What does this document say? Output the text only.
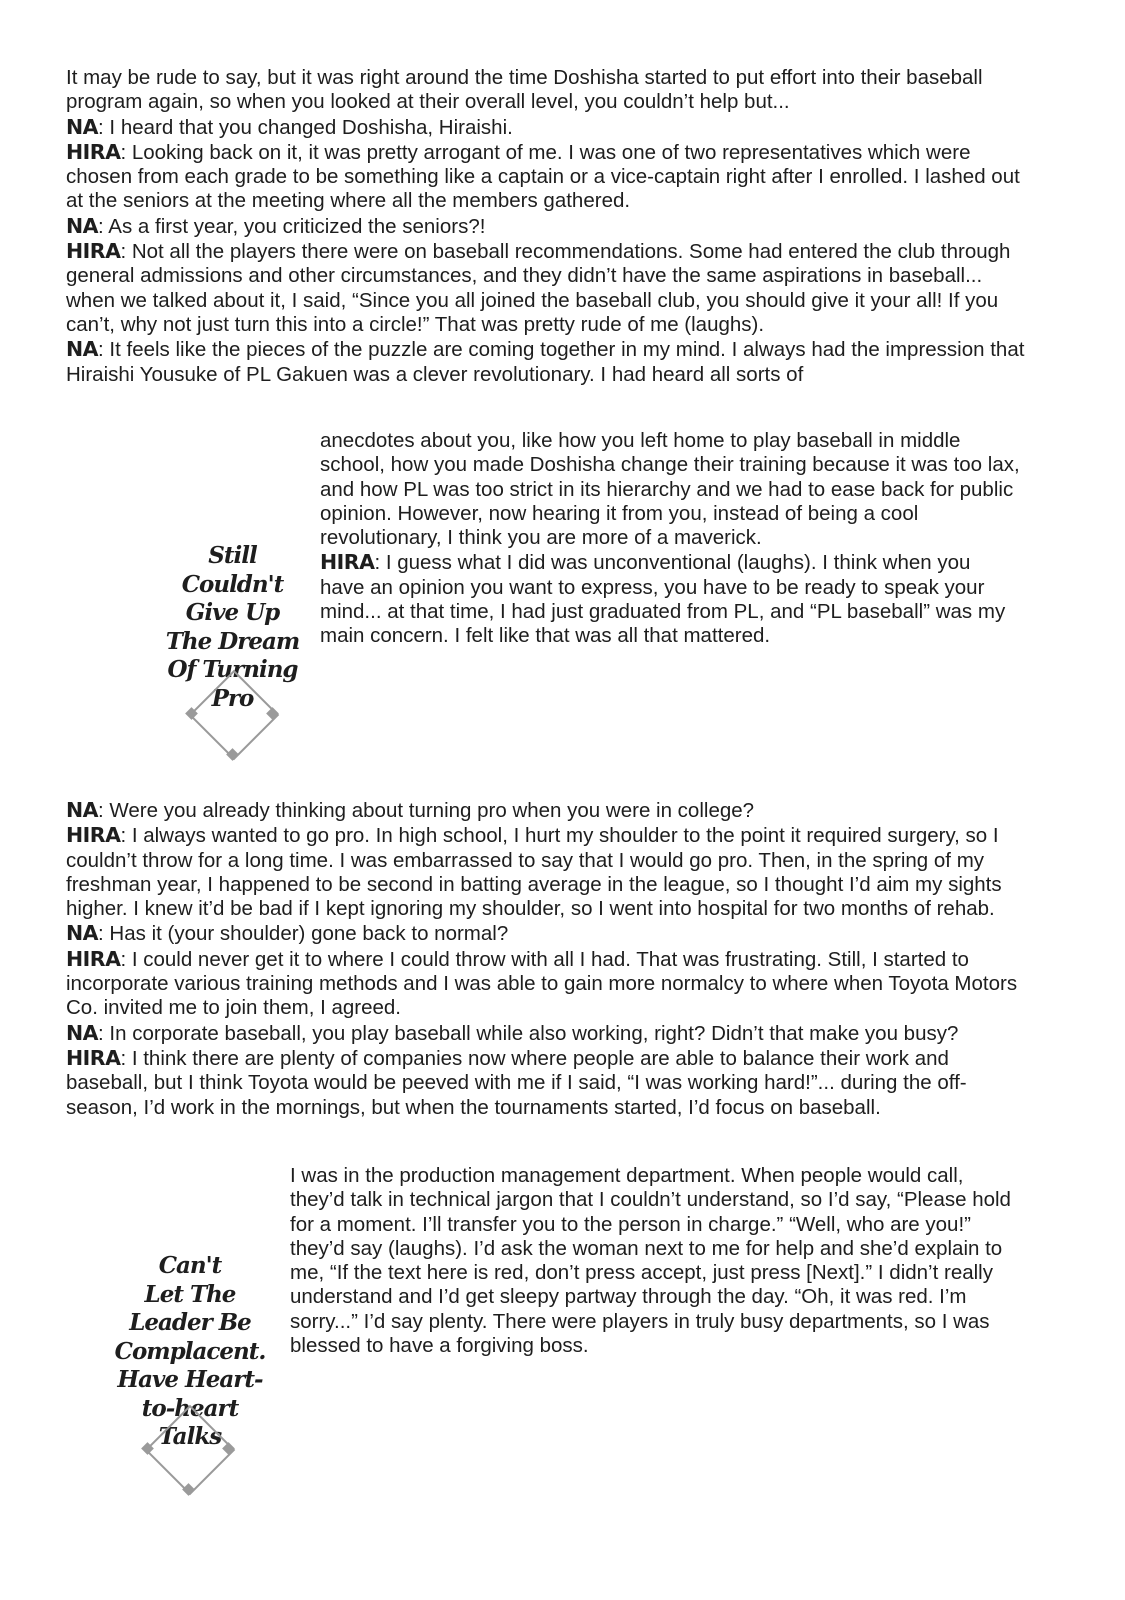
It may be rude to say, but it was right around the time Doshisha started to put effort into their baseball program again, so when you looked at their overall level, you couldn’t help but...

NA: I heard that you changed Doshisha, Hiraishi.

HIRA: Looking back on it, it was pretty arrogant of me. I was one of two representatives which were chosen from each grade to be something like a captain or a vice-captain right after I enrolled. I lashed out at the seniors at the meeting where all the members gathered.

NA: As a first year, you criticized the seniors?!

HIRA: Not all the players there were on baseball recommendations. Some had entered the club through general admissions and other circumstances, and they didn’t have the same aspirations in baseball... when we talked about it, I said, “Since you all joined the baseball club, you should give it your all! If you can’t, why not just turn this into a circle!” That was pretty rude of me (laughs).

NA: It feels like the pieces of the puzzle are coming together in my mind. I always had the impression that Hiraishi Yousuke of PL Gakuen was a clever revolutionary. I had heard all sorts of

Still
Couldn't
Give Up
The Dream
Of Turning
Pro

anecdotes about you, like how you left home to play baseball in middle school, how you made Doshisha change their training because it was too lax, and how PL was too strict in its hierarchy and we had to ease back for public opinion. However, now hearing it from you, instead of being a cool revolutionary, I think you are more of a maverick.

HIRA: I guess what I did was unconventional (laughs). I think when you have an opinion you want to express, you have to be ready to speak your mind... at that time, I had just graduated from PL, and “PL baseball” was my main concern. I felt like that was all that mattered.

NA: Were you already thinking about turning pro when you were in college?

HIRA: I always wanted to go pro. In high school, I hurt my shoulder to the point it required surgery, so I couldn’t throw for a long time. I was embarrassed to say that I would go pro. Then, in the spring of my freshman year, I happened to be second in batting average in the league, so I thought I’d aim my sights higher. I knew it’d be bad if I kept ignoring my shoulder, so I went into hospital for two months of rehab.

NA: Has it (your shoulder) gone back to normal?

HIRA: I could never get it to where I could throw with all I had. That was frustrating. Still, I started to incorporate various training methods and I was able to gain more normalcy to where when Toyota Motors Co. invited me to join them, I agreed.

NA: In corporate baseball, you play baseball while also working, right? Didn’t that make you busy?

HIRA: I think there are plenty of companies now where people are able to balance their work and baseball, but I think Toyota would be peeved with me if I said, “I was working hard!”... during the off-season, I’d work in the mornings, but when the tournaments started, I’d focus on baseball.

Can't
Let The
Leader Be
Complacent.
Have Heart-
to-heart
Talks

I was in the production management department. When people would call, they’d talk in technical jargon that I couldn’t understand, so I’d say, “Please hold for a moment. I’ll transfer you to the person in charge.” “Well, who are you!” they’d say (laughs). I’d ask the woman next to me for help and she’d explain to me, “If the text here is red, don’t press accept, just press [Next].” I didn’t really understand and I’d get sleepy partway through the day. “Oh, it was red. I’m sorry...” I’d say plenty. There were players in truly busy departments, so I was blessed to have a forgiving boss.
